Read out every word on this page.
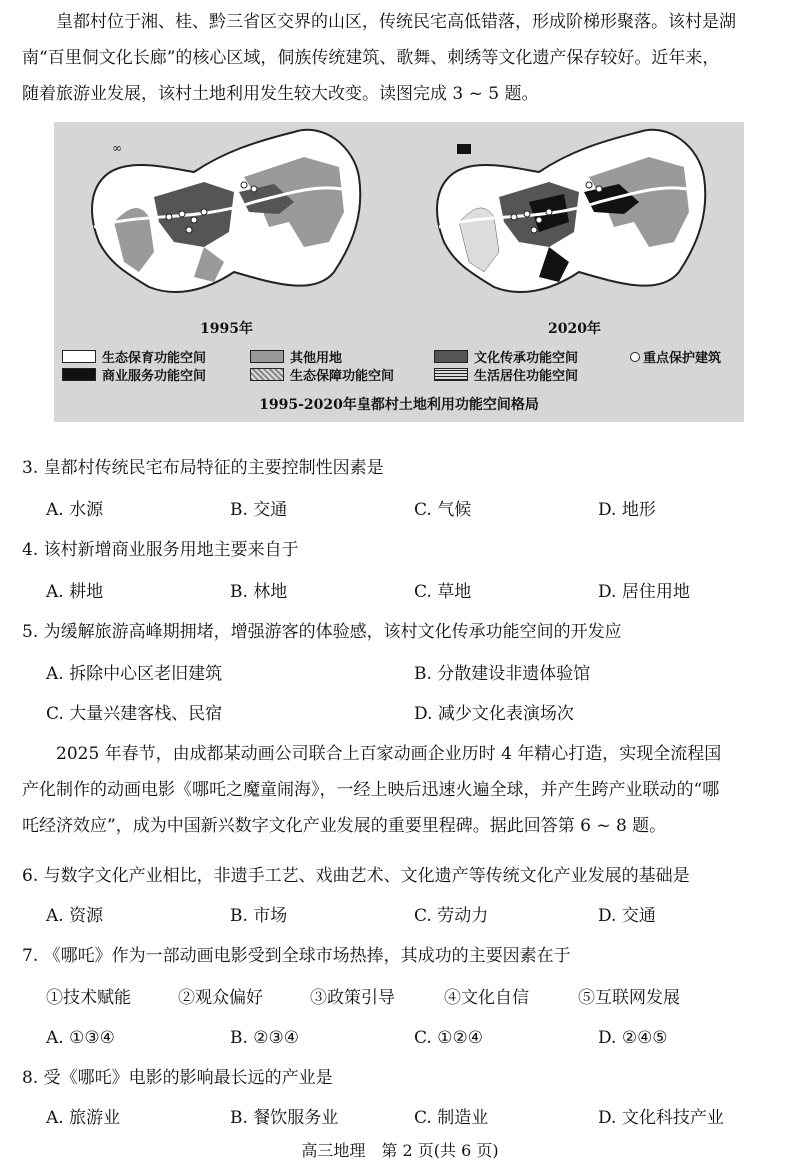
皇都村位于湘、桂、黔三省区交界的山区，传统民宅高低错落，形成阶梯形聚落。该村是湖
南“百里侗文化长廊”的核心区域，侗族传统建筑、歌舞、刺绣等文化遗产保存较好。近年来，
随着旅游业发展，该村土地利用发生较大改变。读图完成 3 ~ 5 题。
∞
1995年	2020年
生态保育功能空间	其他用地	文化传承功能空间	重点保护建筑
商业服务功能空间	生态保障功能空间	生活居住功能空间
1995-2020年皇都村土地利用功能空间格局
3. 皇都村传统民宅布局特征的主要控制性因素是
A. 水源	B. 交通	C. 气候	D. 地形
4. 该村新增商业服务用地主要来自于
A. 耕地	B. 林地	C. 草地	D. 居住用地
5. 为缓解旅游高峰期拥堵，增强游客的体验感，该村文化传承功能空间的开发应
A. 拆除中心区老旧建筑	B. 分散建设非遗体验馆
C. 大量兴建客栈、民宿	D. 减少文化表演场次
2025 年春节，由成都某动画公司联合上百家动画企业历时 4 年精心打造，实现全流程国
产化制作的动画电影《哪吒之魔童闹海》，一经上映后迅速火遍全球，并产生跨产业联动的“哪
吒经济效应”，成为中国新兴数字文化产业发展的重要里程碑。据此回答第 6 ~ 8 题。
6. 与数字文化产业相比，非遗手工艺、戏曲艺术、文化遗产等传统文化产业发展的基础是
A. 资源	B. 市场	C. 劳动力	D. 交通
7. 《哪吒》作为一部动画电影受到全球市场热捧，其成功的主要因素在于
①技术赋能	②观众偏好	③政策引导	④文化自信	⑤互联网发展
A. ①③④	B. ②③④	C. ①②④	D. ②④⑤
8. 受《哪吒》电影的影响最长远的产业是
A. 旅游业	B. 餐饮服务业	C. 制造业	D. 文化科技产业
高三地理　第 2 页(共 6 页)
